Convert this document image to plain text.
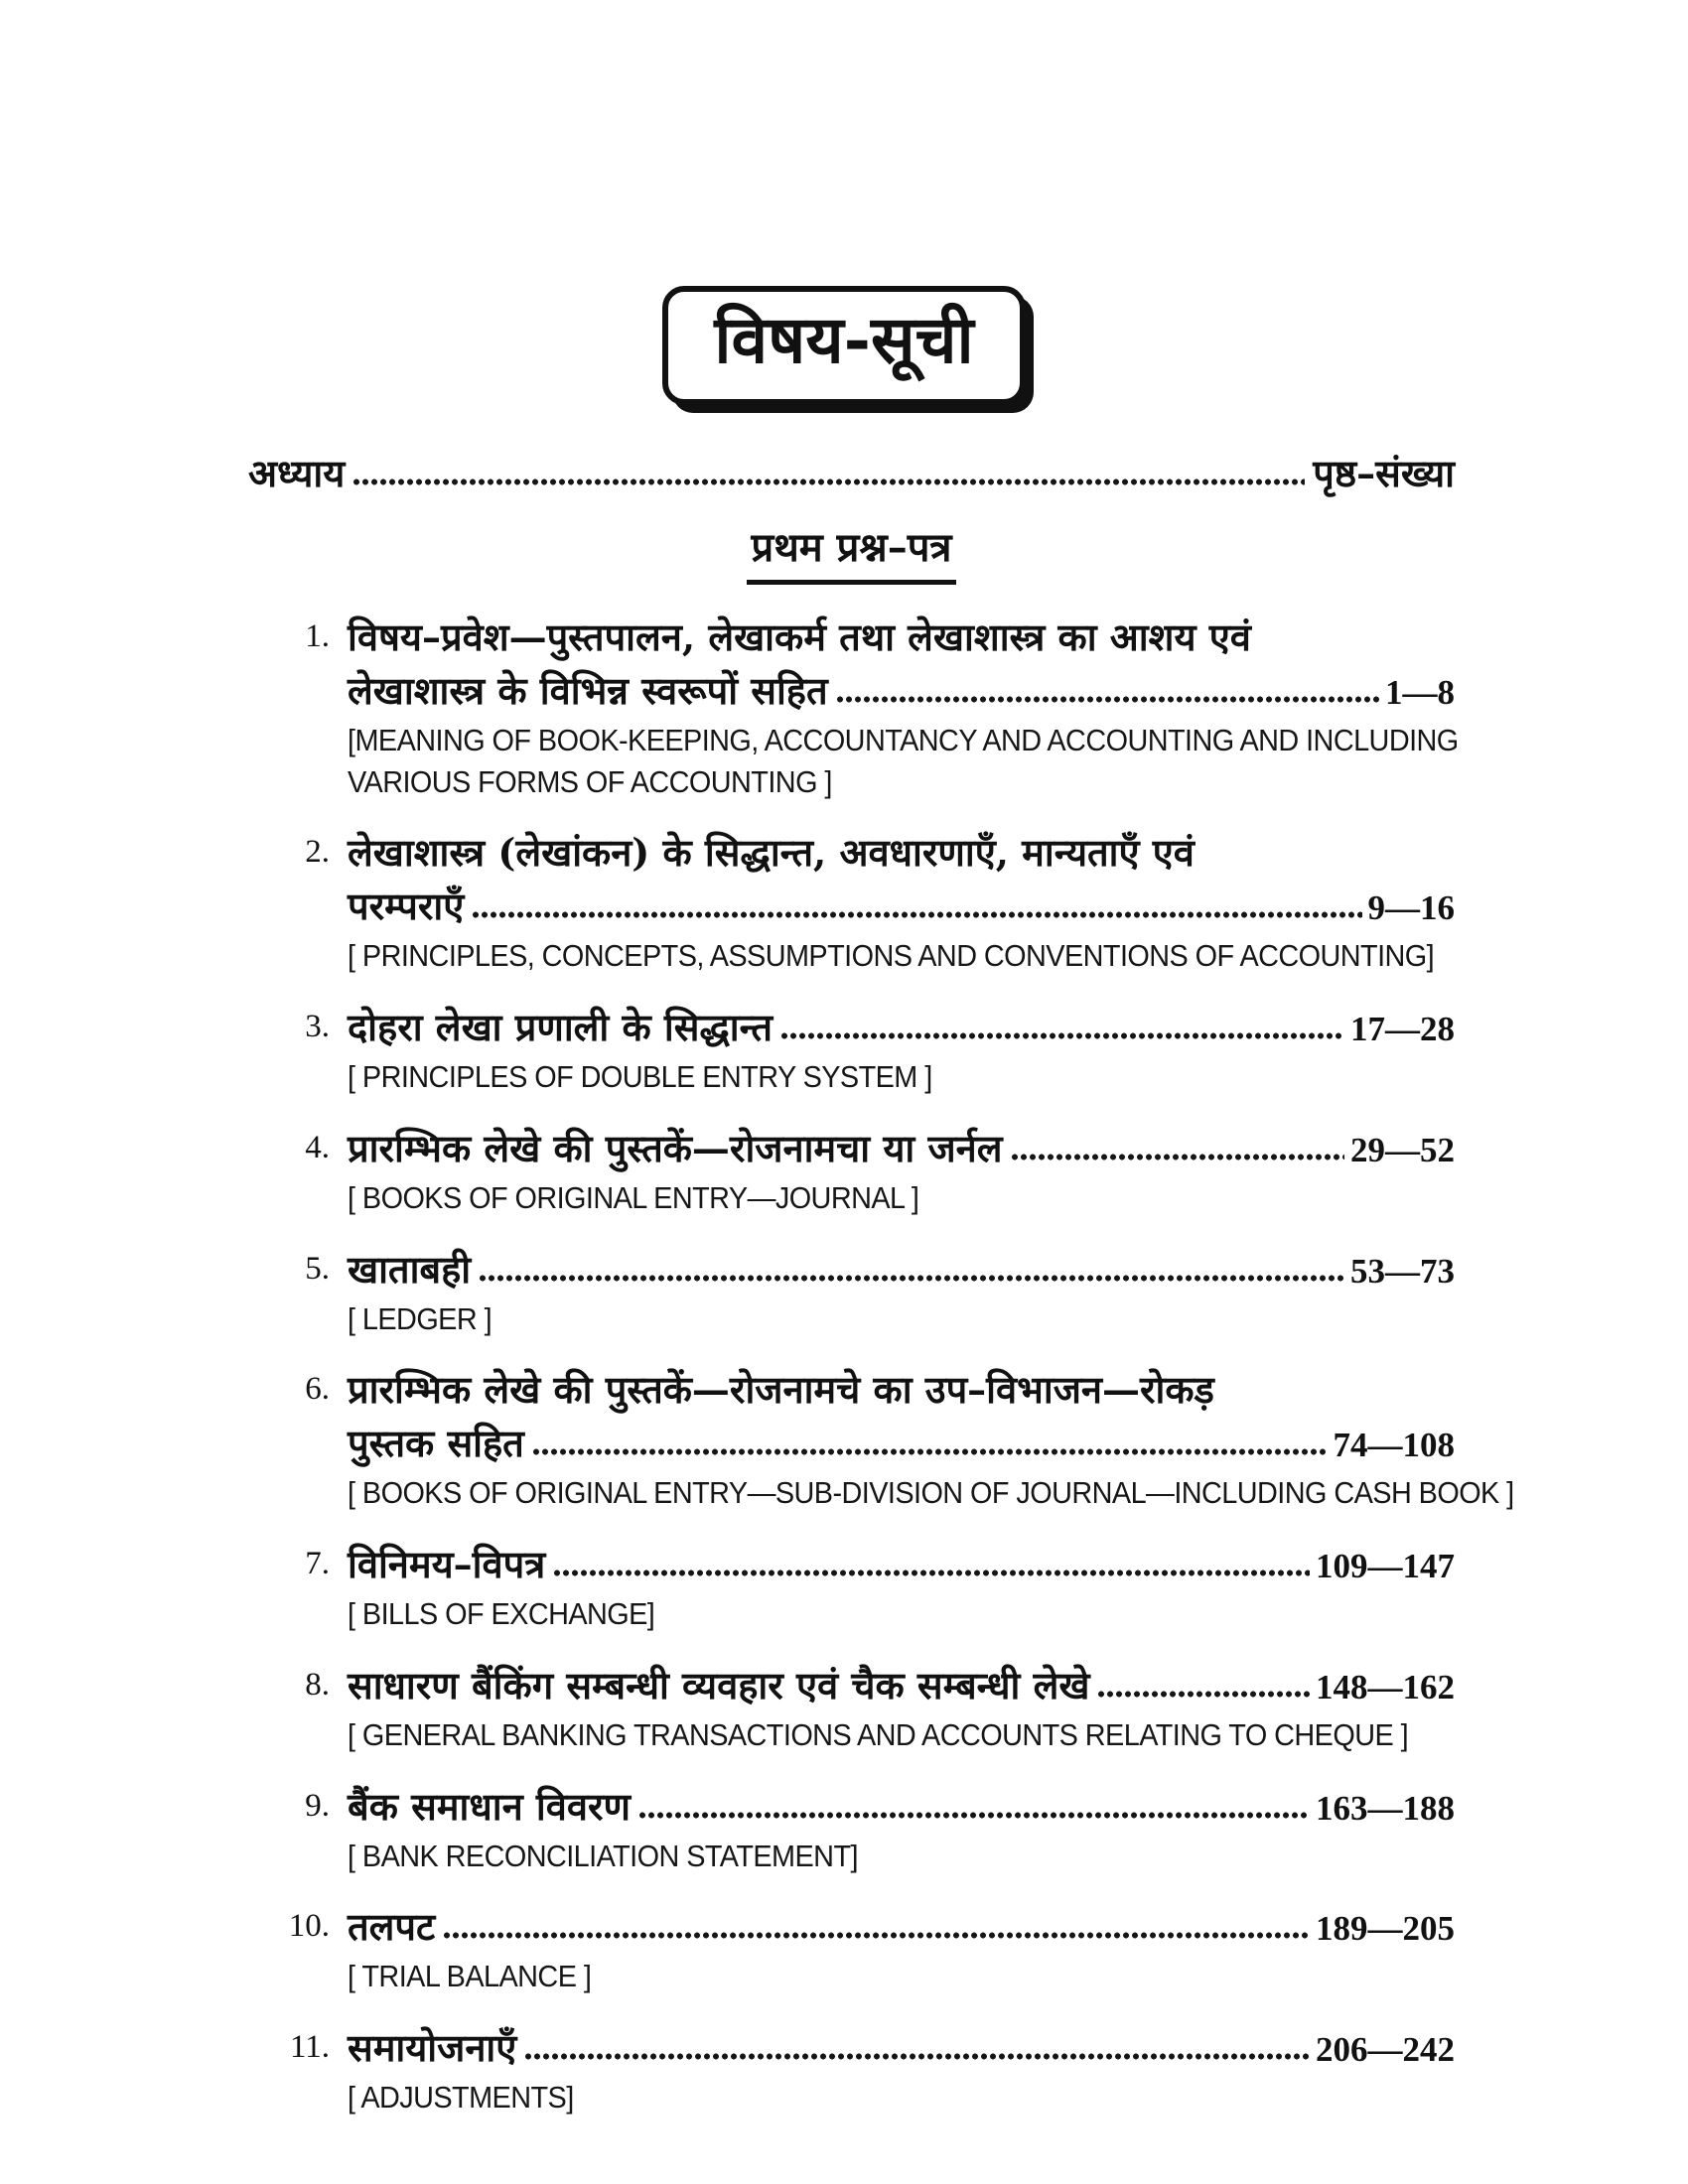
विषय-सूची
अध्याय	पृष्ठ–संख्या
प्रथम प्रश्न–पत्र
1. विषय–प्रवेश—पुस्तपालन, लेखाकर्म तथा लेखाशास्त्र का आशय एवं
लेखाशास्त्र के विभिन्न स्वरूपों सहित	1—8
[MEANING OF BOOK-KEEPING, ACCOUNTANCY AND ACCOUNTING AND INCLUDING
VARIOUS FORMS OF ACCOUNTING ]
2. लेखाशास्त्र (लेखांकन) के सिद्धान्त, अवधारणाएँ, मान्यताएँ एवं
परम्पराएँ	9—16
[ PRINCIPLES, CONCEPTS, ASSUMPTIONS AND CONVENTIONS OF ACCOUNTING]
3. दोहरा लेखा प्रणाली के सिद्धान्त	17—28
[ PRINCIPLES OF DOUBLE ENTRY SYSTEM ]
4. प्रारम्भिक लेखे की पुस्तकें—रोजनामचा या जर्नल	29—52
[ BOOKS OF ORIGINAL ENTRY—JOURNAL ]
5. खाताबही	53—73
[ LEDGER ]
6. प्रारम्भिक लेखे की पुस्तकें—रोजनामचे का उप–विभाजन—रोकड़
पुस्तक सहित	74—108
[ BOOKS OF ORIGINAL ENTRY—SUB-DIVISION OF JOURNAL—INCLUDING CASH BOOK ]
7. विनिमय–विपत्र	109—147
[ BILLS OF EXCHANGE]
8. साधारण बैंकिंग सम्बन्धी व्यवहार एवं चैक सम्बन्धी लेखे	148—162
[ GENERAL BANKING TRANSACTIONS AND ACCOUNTS RELATING TO CHEQUE ]
9. बैंक समाधान विवरण	163—188
[ BANK RECONCILIATION STATEMENT]
10. तलपट	189—205
[ TRIAL BALANCE ]
11. समायोजनाएँ	206—242
[ ADJUSTMENTS]
